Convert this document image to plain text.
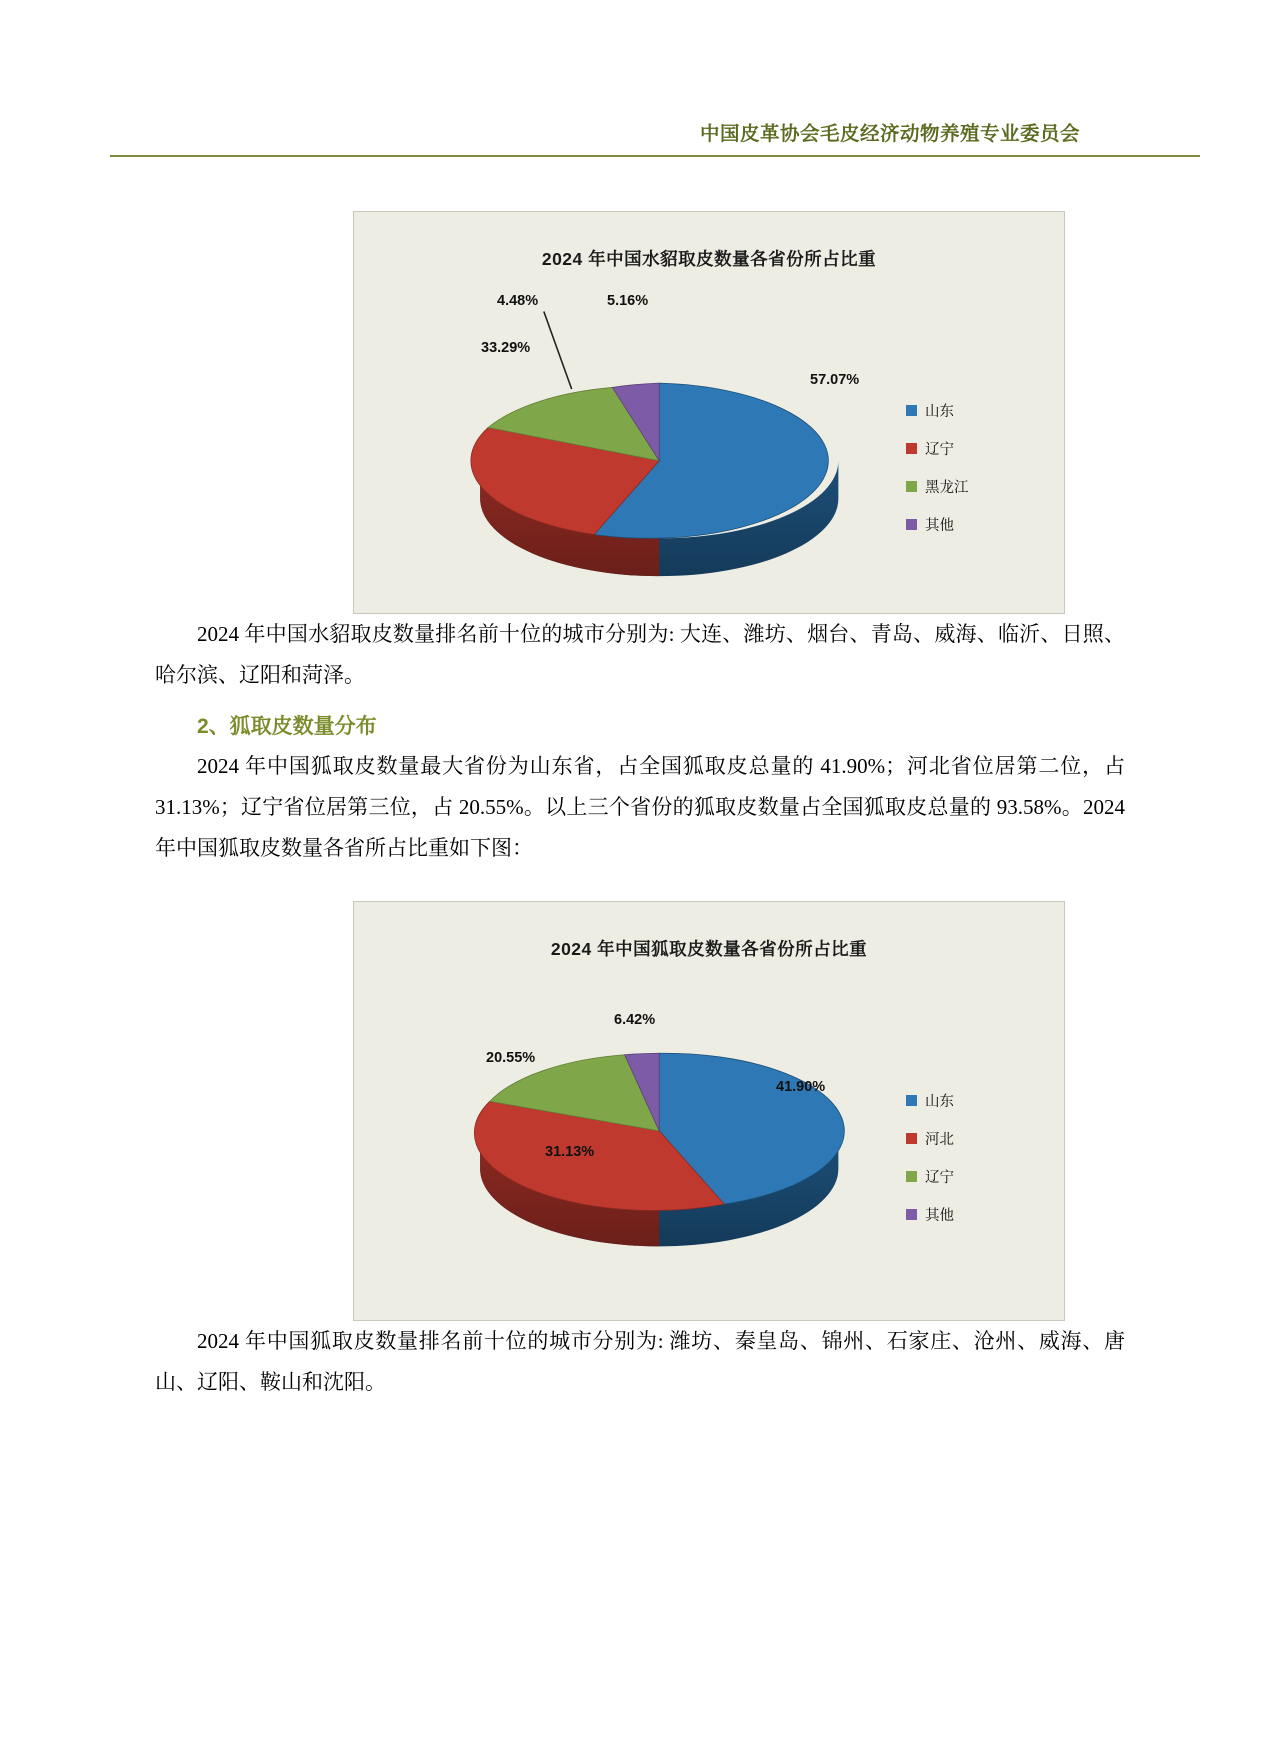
中国皮革协会毛皮经济动物养殖专业委员会
2024 年中国水貂取皮数量各省份所占比重
57.07%
33.29%
4.48%	5.16%
山东
辽宁
黑龙江
其他

2024 年中国水貂取皮数量排名前十位的城市分别为: 大连、潍坊、烟台、青岛、威海、临沂、日照、哈尔滨、辽阳和菏泽。

2、狐取皮数量分布

2024 年中国狐取皮数量最大省份为山东省，占全国狐取皮总量的 41.90%；河北省位居第二位，占 31.13%；辽宁省位居第三位，占 20.55%。以上三个省份的狐取皮数量占全国狐取皮总量的 93.58%。2024 年中国狐取皮数量各省所占比重如下图：

2024 年中国狐取皮数量各省份所占比重
41.90%
31.13%
20.55%
6.42%
山东
河北
辽宁
其他

2024 年中国狐取皮数量排名前十位的城市分别为: 潍坊、秦皇岛、锦州、石家庄、沧州、威海、唐山、辽阳、鞍山和沈阳。
